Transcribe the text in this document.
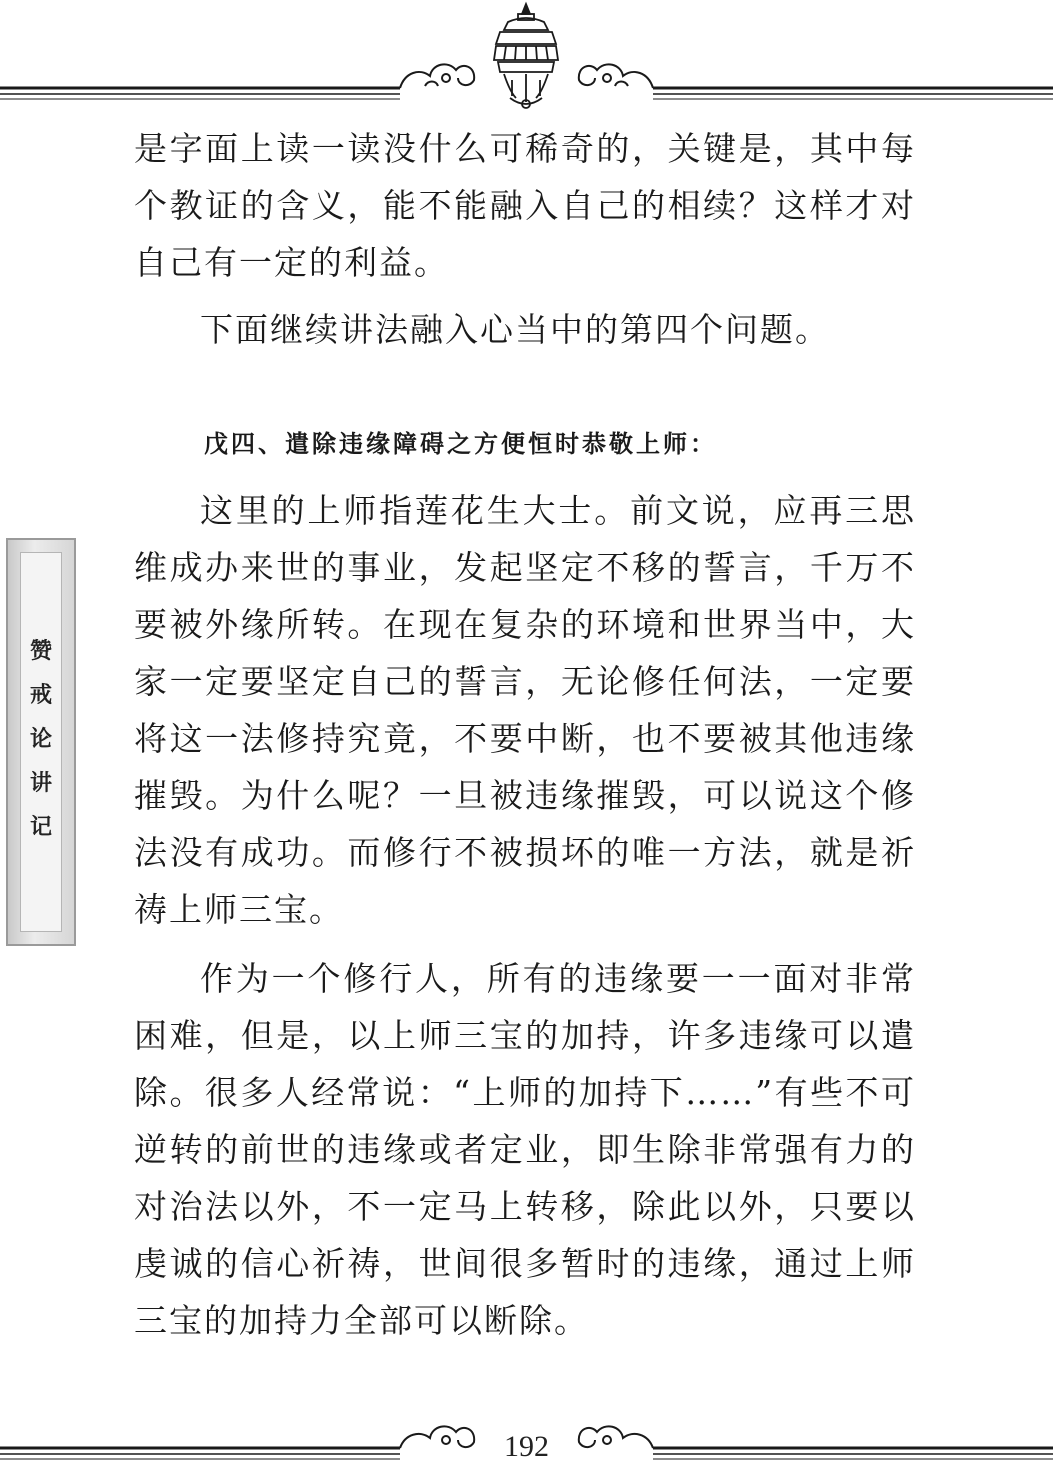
赞
戒
论
讲
记

是字面上读一读没什么可稀奇的，关键是，其中每个教证的含义，能不能融入自己的相续？这样才对自己有一定的利益。

下面继续讲法融入心当中的第四个问题。

戊四、遣除违缘障碍之方便恒时恭敬上师：

这里的上师指莲花生大士。前文说，应再三思维成办来世的事业，发起坚定不移的誓言，千万不要被外缘所转。在现在复杂的环境和世界当中，大家一定要坚定自己的誓言，无论修任何法，一定要将这一法修持究竟，不要中断，也不要被其他违缘摧毁。为什么呢？一旦被违缘摧毁，可以说这个修法没有成功。而修行不被损坏的唯一方法，就是祈祷上师三宝。

作为一个修行人，所有的违缘要一一面对非常困难，但是，以上师三宝的加持，许多违缘可以遣除。很多人经常说：“上师的加持下……”有些不可逆转的前世的违缘或者定业，即生除非常强有力的对治法以外，不一定马上转移，除此以外，只要以虔诚的信心祈祷，世间很多暂时的违缘，通过上师三宝的加持力全部可以断除。

192
